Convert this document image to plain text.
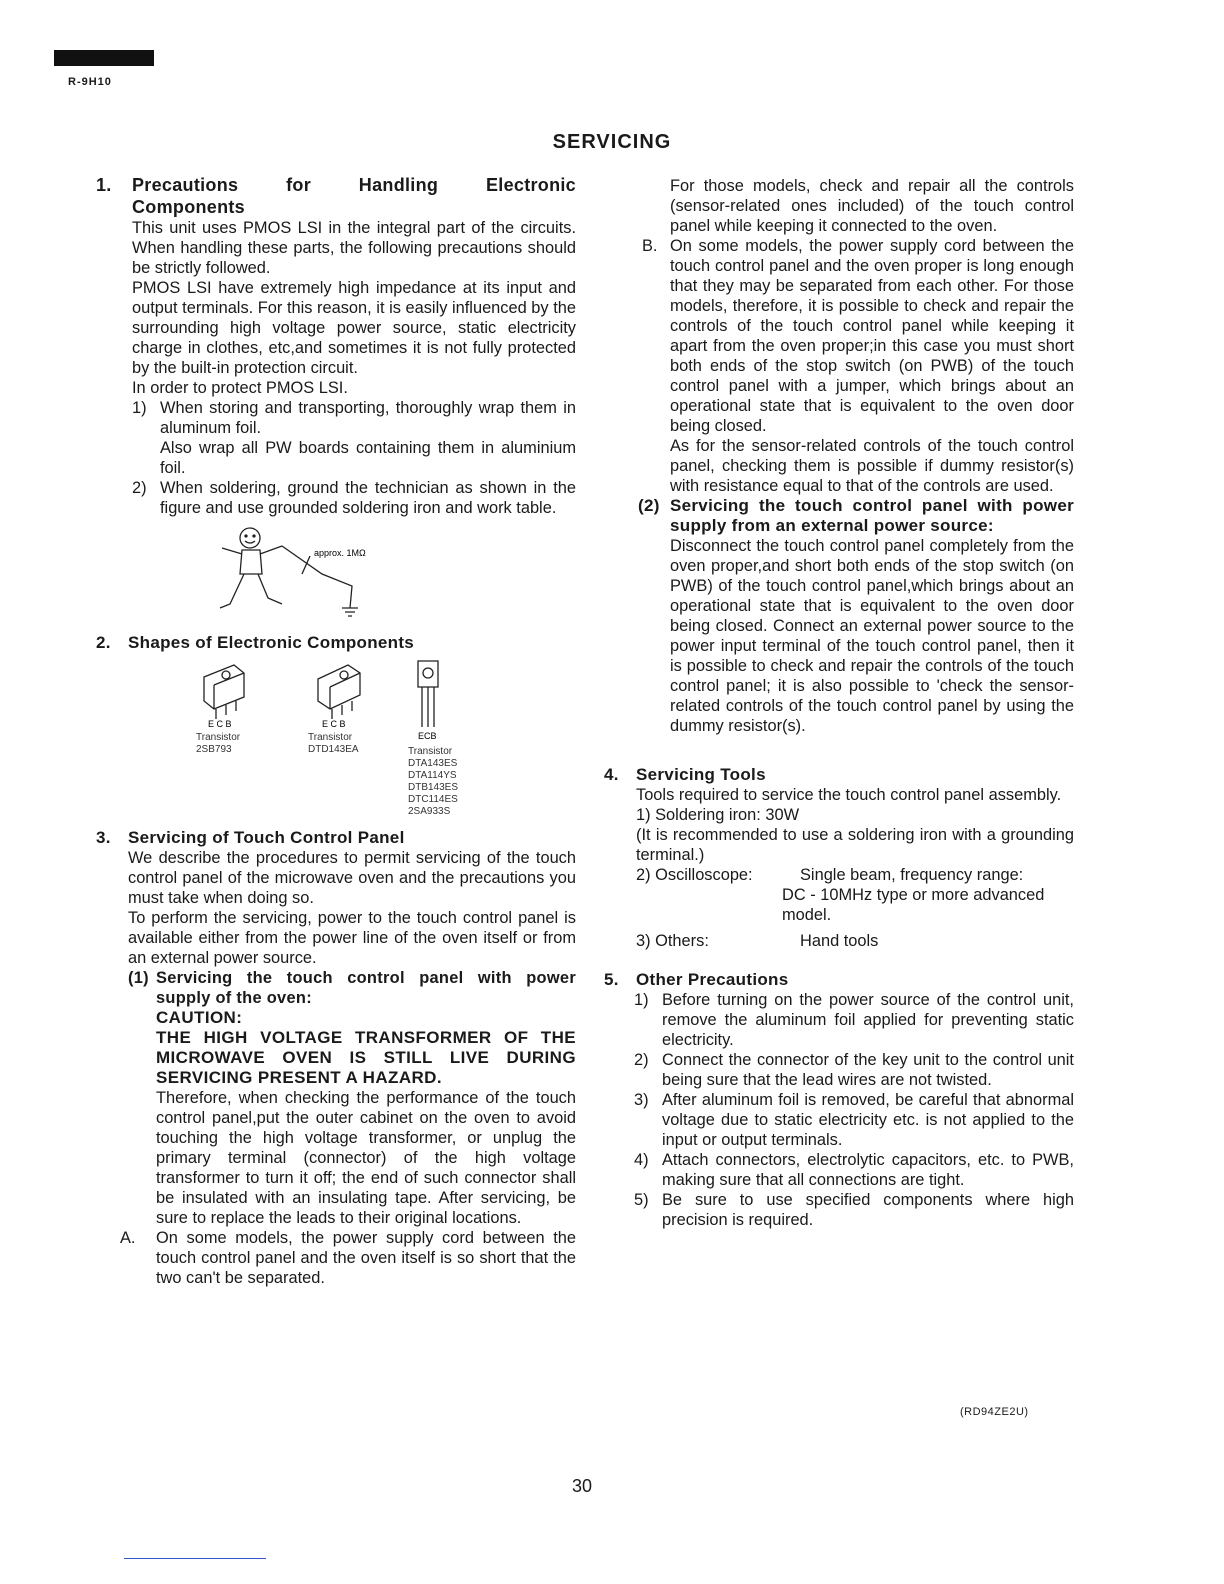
R-9H10
SERVICING
1.	Precautions for Handling Electronic
Components

This unit uses PMOS LSI in the integral part of the circuits. When handling these parts, the following precautions should be strictly followed.

PMOS LSI have extremely high impedance at its input and output terminals. For this reason, it is easily influenced by the surrounding high voltage power source, static electricity charge in clothes, etc,and sometimes it is not fully protected by the built-in protection circuit.

In order to protect PMOS LSI.

1) When storing and transporting, thoroughly wrap them in aluminum foil.
Also wrap all PW boards containing them in aluminium foil.
2) When soldering, ground the technician as shown in the figure and use grounded soldering iron and work table.
approx. 1MΩ
2.	Shapes of Electronic Components
E C B
Transistor
2SB793
E C B
Transistor
DTD143EA
ECB
Transistor
DTA143ES
DTA114YS
DTB143ES
DTC114ES
2SA933S
3.	Servicing of Touch Control Panel

We describe the procedures to permit servicing of the touch control panel of the microwave oven and the precautions you must take when doing so.

To perform the servicing, power to the touch control panel is available either from the power line of the oven itself or from an external power source.

(1) Servicing the touch control panel with power supply of the oven:
CAUTION:
THE HIGH VOLTAGE TRANSFORMER OF THE MICROWAVE OVEN IS STILL LIVE DURING SERVICING PRESENT A HAZARD.

Therefore, when checking the performance of the touch control panel,put the outer cabinet on the oven to avoid touching the high voltage transformer, or unplug the primary terminal (connector) of the high voltage transformer to turn it off; the end of such connector shall be insulated with an insulating tape. After servicing, be sure to replace the leads to their original locations.

A.	On some models, the power supply cord between the touch control panel and the oven itself is so short that the two can't be separated.

For those models, check and repair all the controls (sensor-related ones included) of the touch control panel while keeping it connected to the oven.

B. On some models, the power supply cord between the touch control panel and the oven proper is long enough that they may be separated from each other. For those models, therefore, it is possible to check and repair the controls of the touch control panel while keeping it apart from the oven proper;in this case you must short both ends of the stop switch (on PWB) of the touch control panel with a jumper, which brings about an operational state that is equivalent to the oven door being closed.
As for the sensor-related controls of the touch control panel, checking them is possible if dummy resistor(s) with resistance equal to that of the controls are used.
(2) Servicing the touch control panel with power supply from an external power source:

Disconnect the touch control panel completely from the oven proper,and short both ends of the stop switch (on PWB) of the touch control panel,which brings about an operational state that is equivalent to the oven door being closed. Connect an external power source to the power input terminal of the touch control panel, then it is possible to check and repair the controls of the touch control panel; it is also possible to 'check the sensor-related controls of the touch control panel by using the dummy resistor(s).

4.	Servicing Tools

Tools required to service the touch control panel assembly.

1) Soldering iron: 30W

(It is recommended to use a soldering iron with a grounding terminal.)

2) Oscilloscope:	Single beam, frequency range:
DC - 10MHz type or more advanced model.
3) Others:	Hand tools
5.	Other Precautions
1) Before turning on the power source of the control unit, remove the aluminum foil applied for preventing static electricity.
2) Connect the connector of the key unit to the control unit being sure that the lead wires are not twisted.
3) After aluminum foil is removed, be careful that abnormal voltage due to static electricity etc. is not applied to the input or output terminals.
4) Attach connectors, electrolytic capacitors, etc. to PWB, making sure that all connections are tight.
5) Be sure to use specified components where high precision is required.
(RD94ZE2U)
30
